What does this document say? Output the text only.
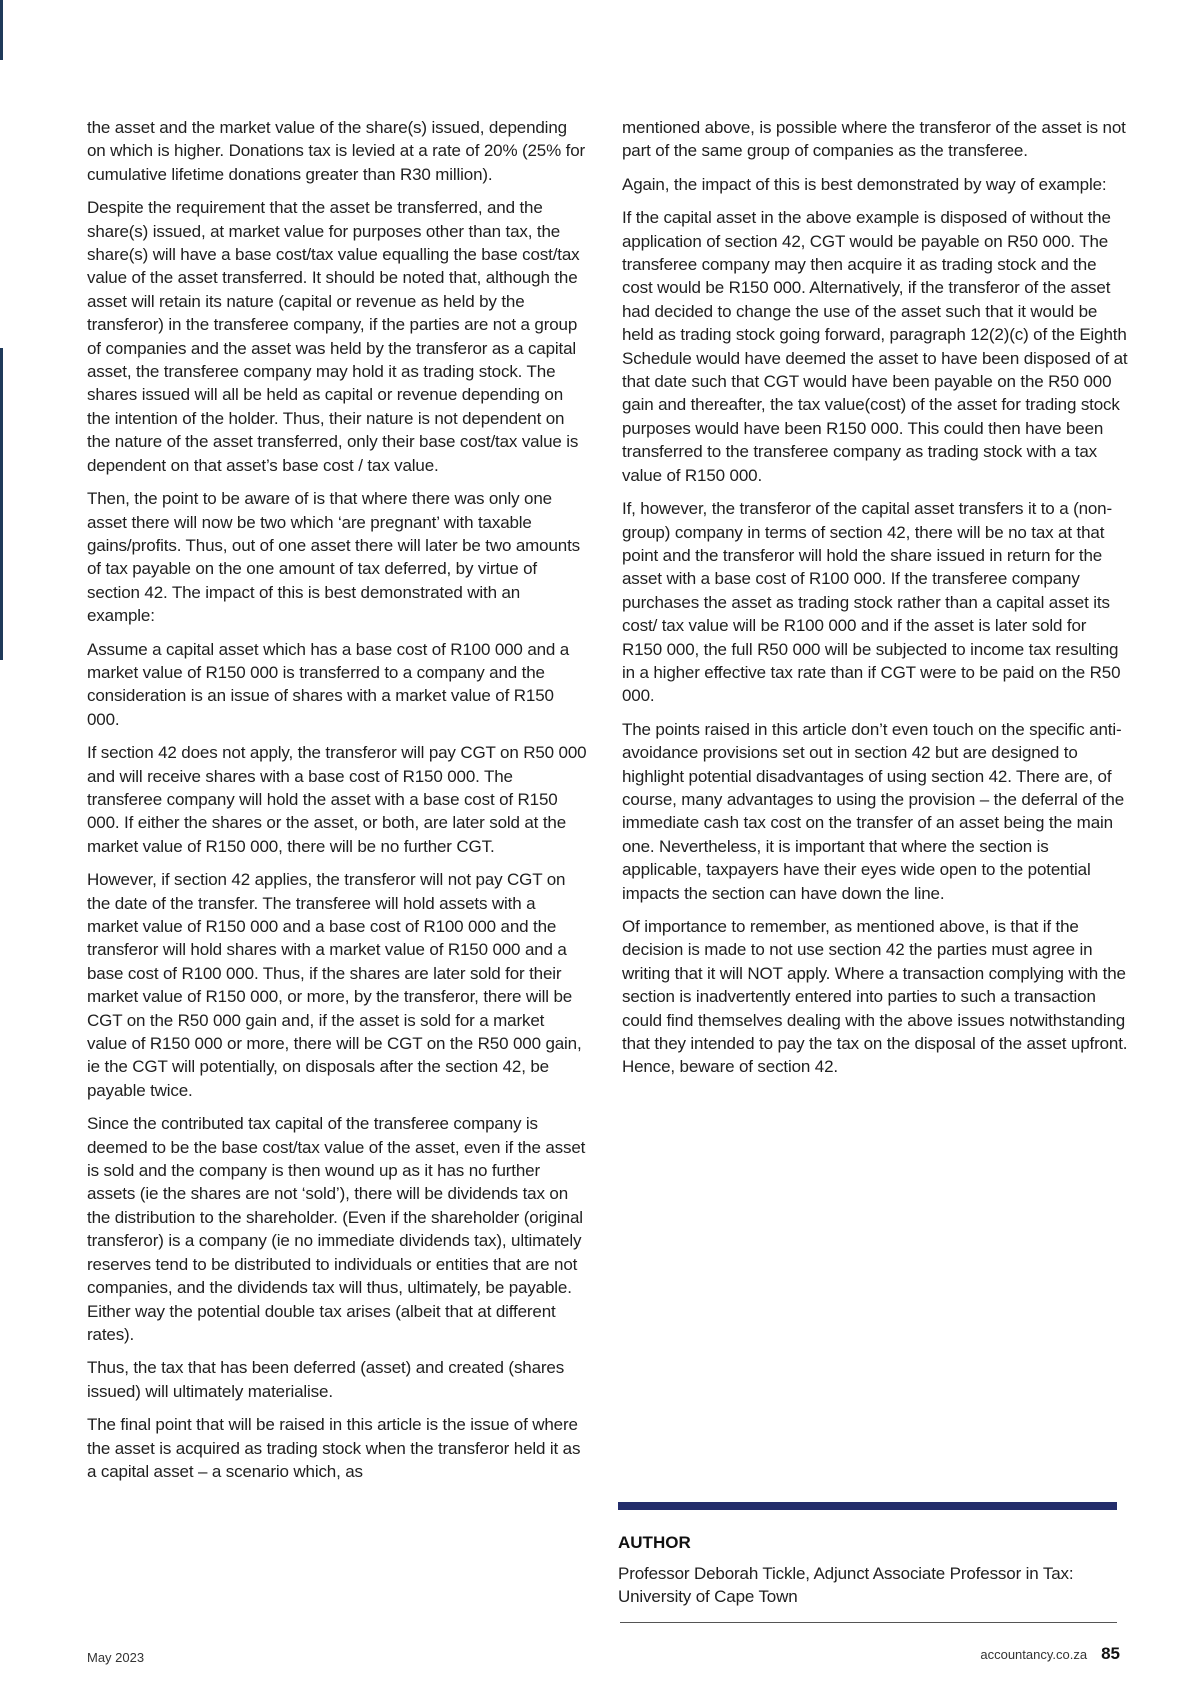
the asset and the market value of the share(s) issued, depending on which is higher. Donations tax is levied at a rate of 20% (25% for cumulative lifetime donations greater than R30 million).

Despite the requirement that the asset be transferred, and the share(s) issued, at market value for purposes other than tax, the share(s) will have a base cost/tax value equalling the base cost/tax value of the asset transferred. It should be noted that, although the asset will retain its nature (capital or revenue as held by the transferor) in the transferee company, if the parties are not a group of companies and the asset was held by the transferor as a capital asset, the transferee company may hold it as trading stock. The shares issued will all be held as capital or revenue depending on the intention of the holder. Thus, their nature is not dependent on the nature of the asset transferred, only their base cost/tax value is dependent on that asset’s base cost / tax value.

Then, the point to be aware of is that where there was only one asset there will now be two which ‘are pregnant’ with taxable gains/profits. Thus, out of one asset there will later be two amounts of tax payable on the one amount of tax deferred, by virtue of section 42. The impact of this is best demonstrated with an example:

Assume a capital asset which has a base cost of R100 000 and a market value of R150 000 is transferred to a company and the consideration is an issue of shares with a market value of R150 000.

If section 42 does not apply, the transferor will pay CGT on R50 000 and will receive shares with a base cost of R150 000. The transferee company will hold the asset with a base cost of R150 000. If either the shares or the asset, or both, are later sold at the market value of R150 000, there will be no further CGT.

However, if section 42 applies, the transferor will not pay CGT on the date of the transfer. The transferee will hold assets with a market value of R150 000 and a base cost of R100 000 and the transferor will hold shares with a market value of R150 000 and a base cost of R100 000. Thus, if the shares are later sold for their market value of R150 000, or more, by the transferor, there will be CGT on the R50 000 gain and, if the asset is sold for a market value of R150 000 or more, there will be CGT on the R50 000 gain, ie the CGT will potentially, on disposals after the section 42, be payable twice.

Since the contributed tax capital of the transferee company is deemed to be the base cost/tax value of the asset, even if the asset is sold and the company is then wound up as it has no further assets (ie the shares are not ‘sold’), there will be dividends tax on the distribution to the shareholder. (Even if the shareholder (original transferor) is a company (ie no immediate dividends tax), ultimately reserves tend to be distributed to individuals or entities that are not companies, and the dividends tax will thus, ultimately, be payable. Either way the potential double tax arises (albeit that at different rates).

Thus, the tax that has been deferred (asset) and created (shares issued) will ultimately materialise.

The final point that will be raised in this article is the issue of where the asset is acquired as trading stock when the transferor held it as a capital asset – a scenario which, as

mentioned above, is possible where the transferor of the asset is not part of the same group of companies as the transferee.

Again, the impact of this is best demonstrated by way of example:

If the capital asset in the above example is disposed of without the application of section 42, CGT would be payable on R50 000. The transferee company may then acquire it as trading stock and the cost would be R150 000. Alternatively, if the transferor of the asset had decided to change the use of the asset such that it would be held as trading stock going forward, paragraph 12(2)(c) of the Eighth Schedule would have deemed the asset to have been disposed of at that date such that CGT would have been payable on the R50 000 gain and thereafter, the tax value(cost) of the asset for trading stock purposes would have been R150 000. This could then have been transferred to the transferee company as trading stock with a tax value of R150 000.

If, however, the transferor of the capital asset transfers it to a (non- group) company in terms of section 42, there will be no tax at that point and the transferor will hold the share issued in return for the asset with a base cost of R100 000. If the transferee company purchases the asset as trading stock rather than a capital asset its cost/ tax value will be R100 000 and if the asset is later sold for R150 000, the full R50 000 will be subjected to income tax resulting in a higher effective tax rate than if CGT were to be paid on the R50 000.

The points raised in this article don’t even touch on the specific anti-avoidance provisions set out in section 42 but are designed to highlight potential disadvantages of using section 42. There are, of course, many advantages to using the provision – the deferral of the immediate cash tax cost on the transfer of an asset being the main one. Nevertheless, it is important that where the section is applicable, taxpayers have their eyes wide open to the potential impacts the section can have down the line.

Of importance to remember, as mentioned above, is that if the decision is made to not use section 42 the parties must agree in writing that it will NOT apply. Where a transaction complying with the section is inadvertently entered into parties to such a transaction could find themselves dealing with the above issues notwithstanding that they intended to pay the tax on the disposal of the asset upfront. Hence, beware of section 42.

AUTHOR
Professor Deborah Tickle, Adjunct Associate Professor in Tax: University of Cape Town
May 2023	accountancy.co.za 85
